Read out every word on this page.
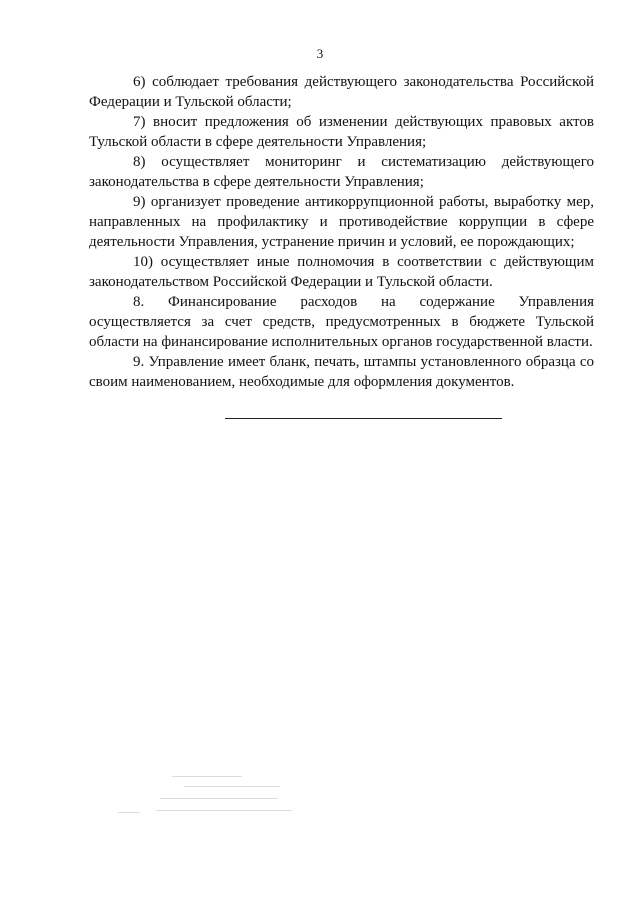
3

6) соблюдает требования действующего законодательства Российской

Федерации и Тульской области;

7) вносит предложения об изменении действующих правовых актов

Тульской области в сфере деятельности Управления;

8) осуществляет мониторинг и систематизацию действующего

законодательства в сфере деятельности Управления;

9) организует проведение антикоррупционной работы, выработку мер,

направленных на профилактику и противодействие коррупции в сфере деятельности Управления, устранение причин и условий, ее порождающих;

10) осуществляет иные полномочия в соответствии с действующим

законодательством Российской Федерации и Тульской области.

8. Финансирование расходов на содержание Управления

осуществляется за счет средств, предусмотренных в бюджете Тульской области на финансирование исполнительных органов государственной власти.

9. Управление имеет бланк, печать, штампы установленного образца со

своим наименованием, необходимые для оформления документов.
